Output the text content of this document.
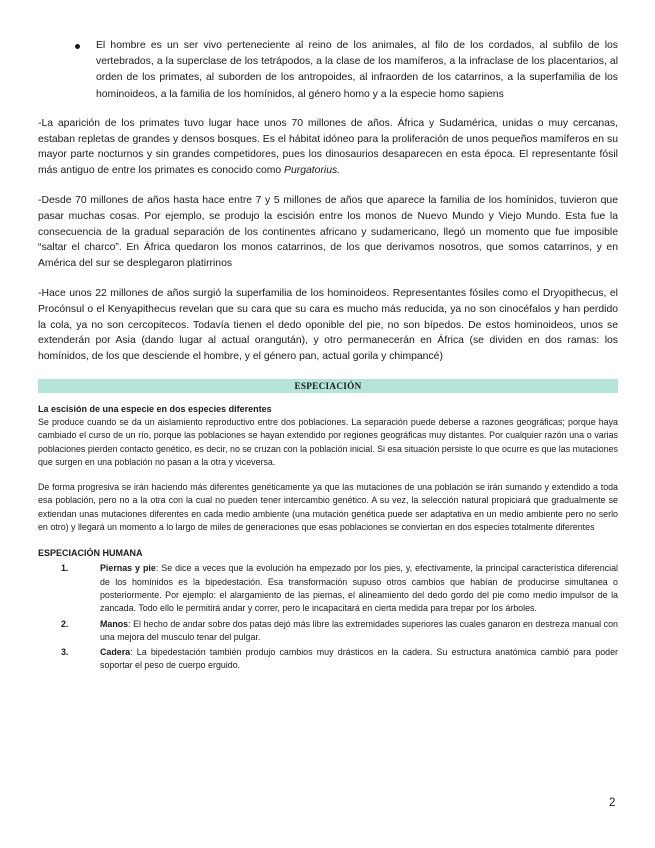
El hombre es un ser vivo perteneciente al reino de los animales, al filo de los cordados, al subfilo de los vertebrados, a la superclase de los tetrápodos, a la clase de los mamíferos, a la infraclase de los placentarios, al orden de los primates, al suborden de los antropoides, al infraorden de los catarrinos, a la superfamilia de los hominoideos, a la familia de los homínidos, al género homo y a la especie homo sapiens

-La aparición de los primates tuvo lugar hace unos 70 millones de años. África y Sudamérica, unidas o muy cercanas, estaban repletas de grandes y densos bosques. Es el hábitat idóneo para la proliferación de unos pequeños mamíferos en su mayor parte nocturnos y sin grandes competidores, pues los dinosaurios desaparecen en esta época. El representante fósil más antiguo de entre los primates es conocido como Purgatorius.

-Desde 70 millones de años hasta hace entre 7 y 5 millones de años que aparece la familia de los homínidos, tuvieron que pasar muchas cosas. Por ejemplo, se produjo la escisión entre los monos de Nuevo Mundo y Viejo Mundo. Esta fue la consecuencia de la gradual separación de los continentes africano y sudamericano, llegó un momento que fue imposible “saltar el charco”. En África quedaron los monos catarrinos, de los que derivamos nosotros, que somos catarrinos, y en América del sur se desplegaron platirrinos

-Hace unos 22 millones de años surgió la superfamilia de los hominoideos. Representantes fósiles como el Dryopithecus, el Procónsul o el Kenyapithecus revelan que su cara que su cara es mucho más reducida, ya no son cinocéfalos y han perdido la cola, ya no son cercopitecos. Todavía tienen el dedo oponible del pie, no son bípedos. De estos hominoideos, unos se extenderán por Asia (dando lugar al actual orangután), y otro permanecerán en África (se dividen en dos ramas: los homínidos, de los que desciende el hombre, y el género pan, actual gorila y chimpancé)

ESPECIACIÓN
La escisión de una especie en dos especies diferentes

Se produce cuando se da un aislamiento reproductivo entre dos poblaciones. La separación puede deberse a razones geográficas; porque haya cambiado el curso de un río, porque las poblaciones se hayan extendido por regiones geográficas muy distantes. Por cualquier razón una o varias poblaciones pierden contacto genético, es decir, no se cruzan con la población inicial. Si esa situación persiste lo que ocurre es que las mutaciones que surgen en una población no pasan a la otra y viceversa.

De forma progresiva se irán haciendo más diferentes genéticamente ya que las mutaciones de una población se irán sumando y extendido a toda esa población, pero no a la otra con la cual no pueden tener intercambio genético. A su vez, la selección natural propiciará que gradualmente se extiendan unas mutaciones diferentes en cada medio ambiente (una mutación genética puede ser adaptativa en un medio ambiente pero no serlo en otro) y llegará un momento a lo largo de miles de generaciones que esas poblaciones se conviertan en dos especies totalmente diferentes

ESPECIACIÓN HUMANA
1.	Piernas y pie: Se dice a veces que la evolución ha empezado por los pies, y, efectivamente, la principal característica diferencial de los homínidos es la bipedestación. Esa transformación supuso otros cambios que habían de producirse simultanea o posteriormente. Por ejemplo: el alargamiento de las piernas, el alineamiento del dedo gordo del pie como medio impulsor de la zancada. Todo ello le permitirá andar y correr, pero le incapacitará en cierta medida para trepar por los árboles.
2.	Manos: El hecho de andar sobre dos patas dejó más libre las extremidades superiores las cuales ganaron en destreza manual con una mejora del musculo tenar del pulgar.
3.	Cadera: La bipedestación también produjo cambios muy drásticos en la cadera. Su estructura anatómica cambió para poder soportar el peso de cuerpo erguido.
2
